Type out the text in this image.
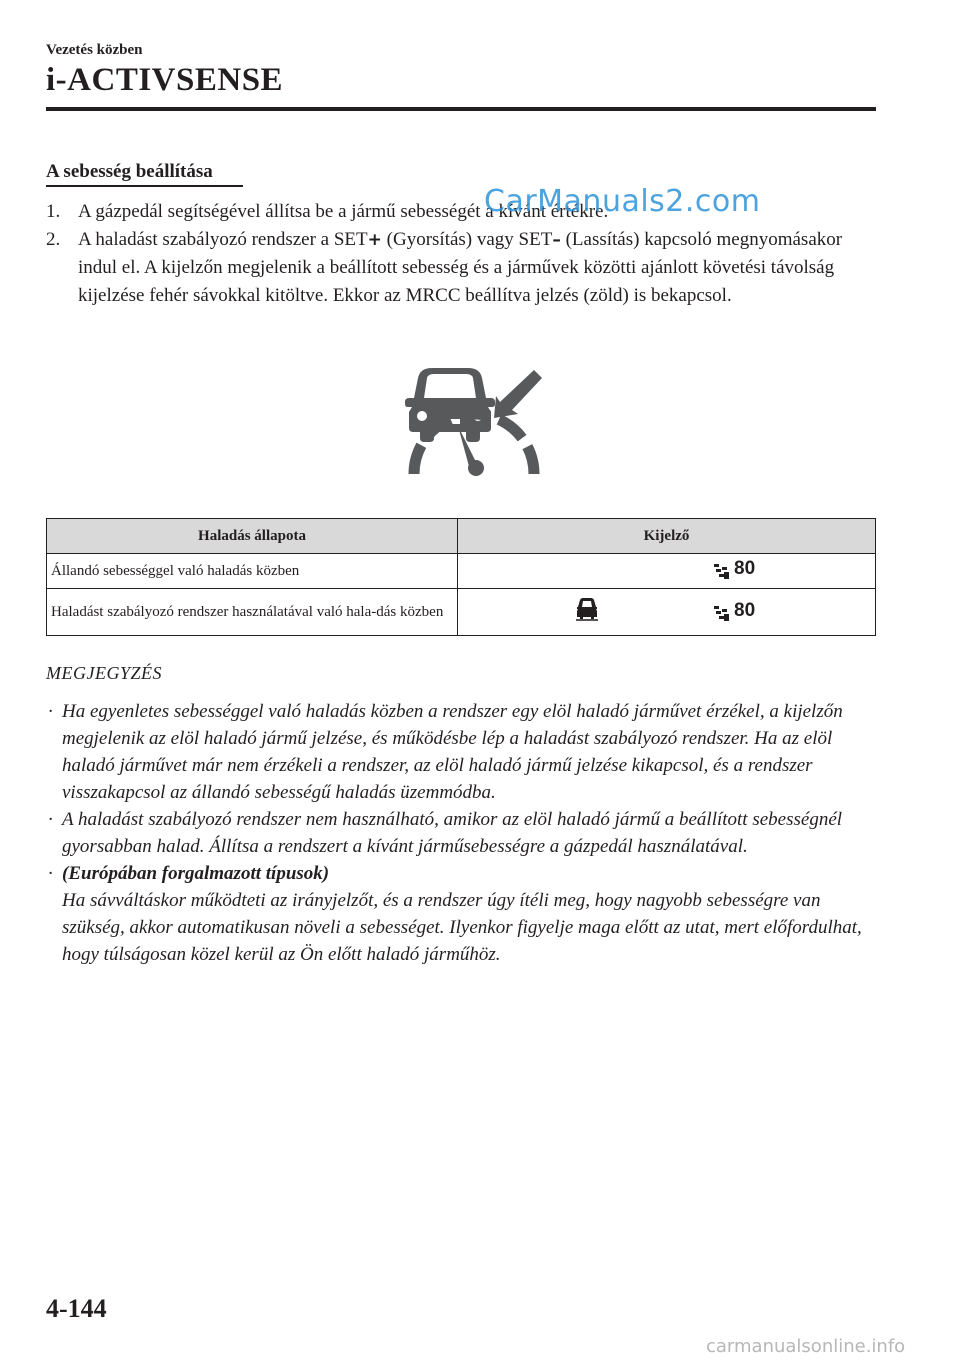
Vezetés közben
i-ACTIVSENSE
A sebesség beállítása
1. A gázpedál segítségével állítsa be a jármű sebességét a kívánt értékre.
2. A haladást szabályozó rendszer a SET+ (Gyorsítás) vagy SET– (Lassítás) kapcsoló megnyomásakor indul el. A kijelzőn megjelenik a beállított sebesség és a járművek közötti ajánlott követési távolság kijelzése fehér sávokkal kitöltve. Ekkor az MRCC beállítva jelzés (zöld) is bekapcsol.
CarManuals2.com
Haladás állapota	Kijelző
Állandó sebességgel való haladás közben	80

Haladást szabályozó rendszer használatával való hala-dás közben	80
MEGJEGYZÉS
· Ha egyenletes sebességgel való haladás közben a rendszer egy elöl haladó járművet érzékel, a kijelzőn megjelenik az elöl haladó jármű jelzése, és működésbe lép a haladást szabályozó rendszer. Ha az elöl haladó járművet már nem érzékeli a rendszer, az elöl haladó jármű jelzése kikapcsol, és a rendszer visszakapcsol az állandó sebességű haladás üzemmódba.
· A haladást szabályozó rendszer nem használható, amikor az elöl haladó jármű a beállított sebességnél gyorsabban halad. Állítsa a rendszert a kívánt járműsebességre a gázpedál használatával.
· (Európában forgalmazott típusok)
Ha sávváltáskor működteti az irányjelzőt, és a rendszer úgy ítéli meg, hogy nagyobb sebességre van szükség, akkor automatikusan növeli a sebességet. Ilyenkor figyelje maga előtt az utat, mert előfordulhat, hogy túlságosan közel kerül az Ön előtt haladó járműhöz.
4-144
carmanualsonline.info
